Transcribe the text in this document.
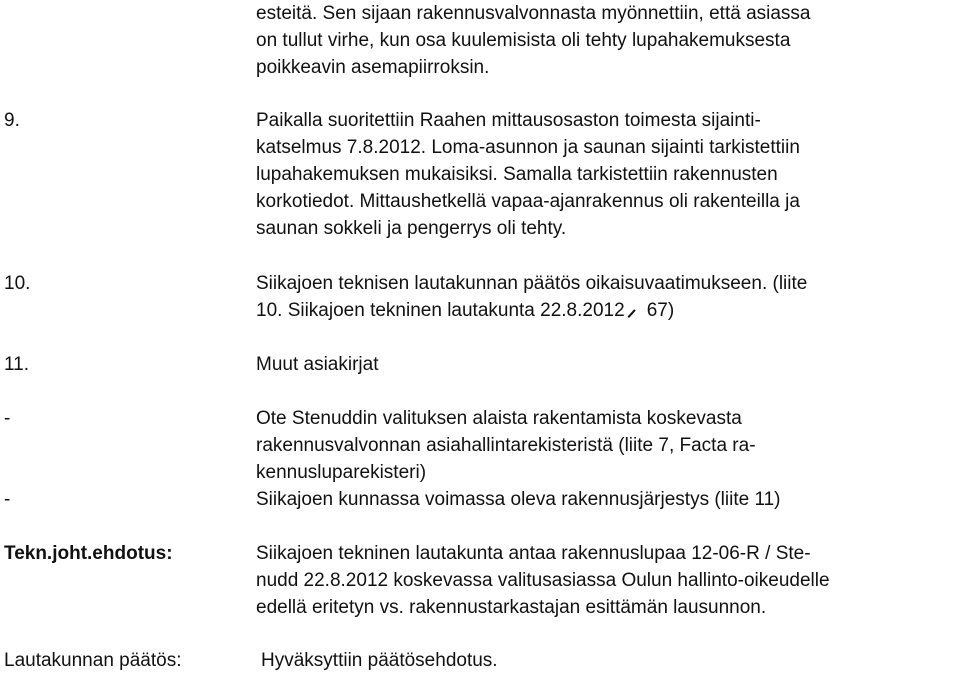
esteitä. Sen sijaan rakennusvalvonnasta myönnettiin, että asiassa
on tullut virhe, kun osa kuulemisista oli tehty lupahakemuksesta
poikkeavin asemapiirroksin.
9.	Paikalla suoritettiin Raahen mittausosaston toimesta sijainti-
katselmus 7.8.2012. Loma-asunnon ja saunan sijainti tarkistettiin
lupahakemuksen mukaisiksi. Samalla tarkistettiin rakennusten
korkotiedot. Mittaushetkellä vapaa-ajanrakennus oli rakenteilla ja
saunan sokkeli ja pengerrys oli tehty.
10.	Siikajoen teknisen lautakunnan päätös oikaisuvaatimukseen. (liite
10. Siikajoen tekninen lautakunta 22.8.2012 67)
11.	Muut asiakirjat
-	Ote Stenuddin valituksen alaista rakentamista koskevasta
rakennusvalvonnan asiahallintarekisteristä (liite 7, Facta ra-
kennusluparekisteri)
-	Siikajoen kunnassa voimassa oleva rakennusjärjestys (liite 11)
Tekn.joht.ehdotus:	Siikajoen tekninen lautakunta antaa rakennuslupaa 12-06-R / Ste-
nudd 22.8.2012 koskevassa valitusasiassa Oulun hallinto-oikeudelle
edellä eritetyn vs. rakennustarkastajan esittämän lausunnon.
Lautakunnan päätös:	Hyväksyttiin päätösehdotus.
